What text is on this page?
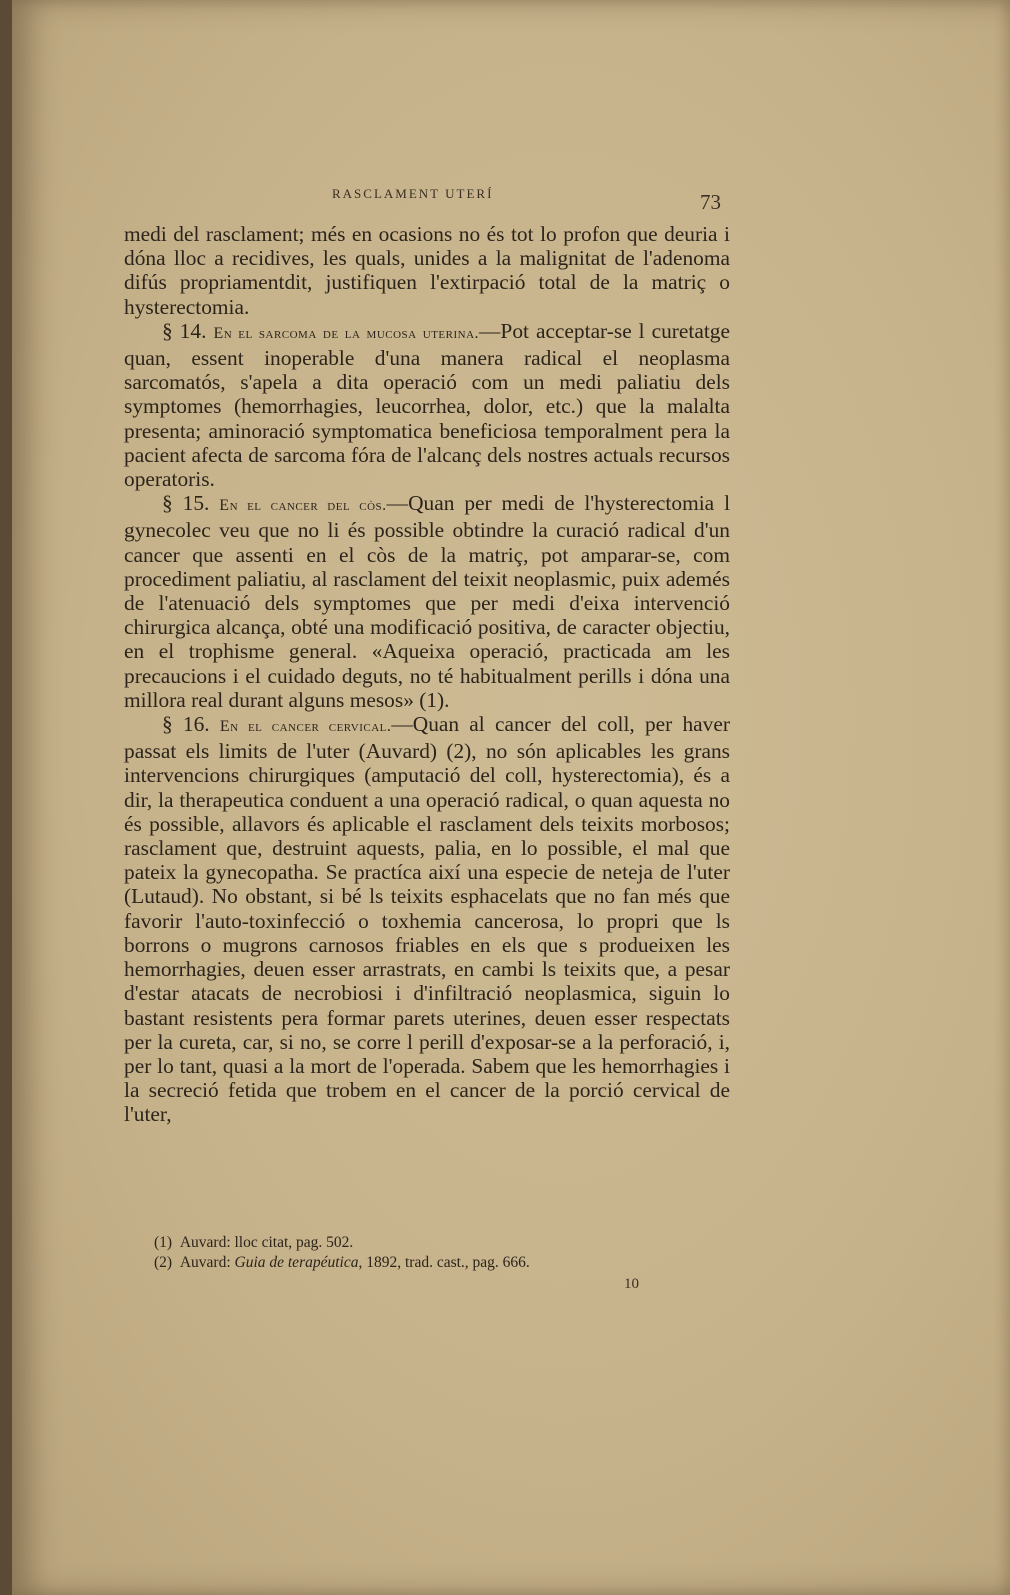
RASCLAMENT UTERÍ	73

medi del rasclament; més en ocasions no és tot lo profon que deuria i dóna lloc a recidives, les quals, unides a la malignitat de l'adenoma difús propriamentdit, justifiquen l'extirpació total de la matriç o hysterectomia.

§ 14. En el sarcoma de la mucosa uterina.—Pot acceptar-se l curetatge quan, essent inoperable d'una manera radical el neoplasma sarcomatós, s'apela a dita operació com un medi paliatiu dels symptomes (hemorrhagies, leucorrhea, dolor, etc.) que la malalta presenta; aminoració symptomatica beneficiosa temporalment pera la pacient afecta de sarcoma fóra de l'alcanç dels nostres actuals recursos operatoris.

§ 15. En el cancer del còs.—Quan per medi de l'hysterectomia l gynecolec veu que no li és possible obtindre la curació radical d'un cancer que assenti en el còs de la matriç, pot amparar-se, com procediment paliatiu, al rasclament del teixit neoplasmic, puix ademés de l'atenuació dels symptomes que per medi d'eixa intervenció chirurgica alcança, obté una modificació positiva, de caracter objectiu, en el trophisme general. «Aqueixa operació, practicada am les precaucions i el cuidado deguts, no té habitualment perills i dóna una millora real durant alguns mesos» (1).

§ 16. En el cancer cervical.—Quan al cancer del coll, per haver passat els limits de l'uter (Auvard) (2), no són aplicables les grans intervencions chirurgiques (amputació del coll, hysterectomia), és a dir, la therapeutica conduent a una operació radical, o quan aquesta no és possible, allavors és aplicable el rasclament dels teixits morbosos; rasclament que, destruint aquests, palia, en lo possible, el mal que pateix la gynecopatha. Se practíca així una especie de neteja de l'uter (Lutaud). No obstant, si bé ls teixits esphacelats que no fan més que favorir l'auto-toxinfecció o toxhemia cancerosa, lo propri que ls borrons o mugrons carnosos friables en els que s produeixen les hemorrhagies, deuen esser arrastrats, en cambi ls teixits que, a pesar d'estar atacats de necrobiosi i d'infiltració neoplasmica, siguin lo bastant resistents pera formar parets uterines, deuen esser respectats per la cureta, car, si no, se corre l perill d'exposar-se a la perforació, i, per lo tant, quasi a la mort de l'operada. Sabem que les hemorrhagies i la secreció fetida que trobem en el cancer de la porció cervical de l'uter,

(1) Auvard: lloc citat, pag. 502.
(2) Auvard: Guia de terapéutica, 1892, trad. cast., pag. 666.
10
